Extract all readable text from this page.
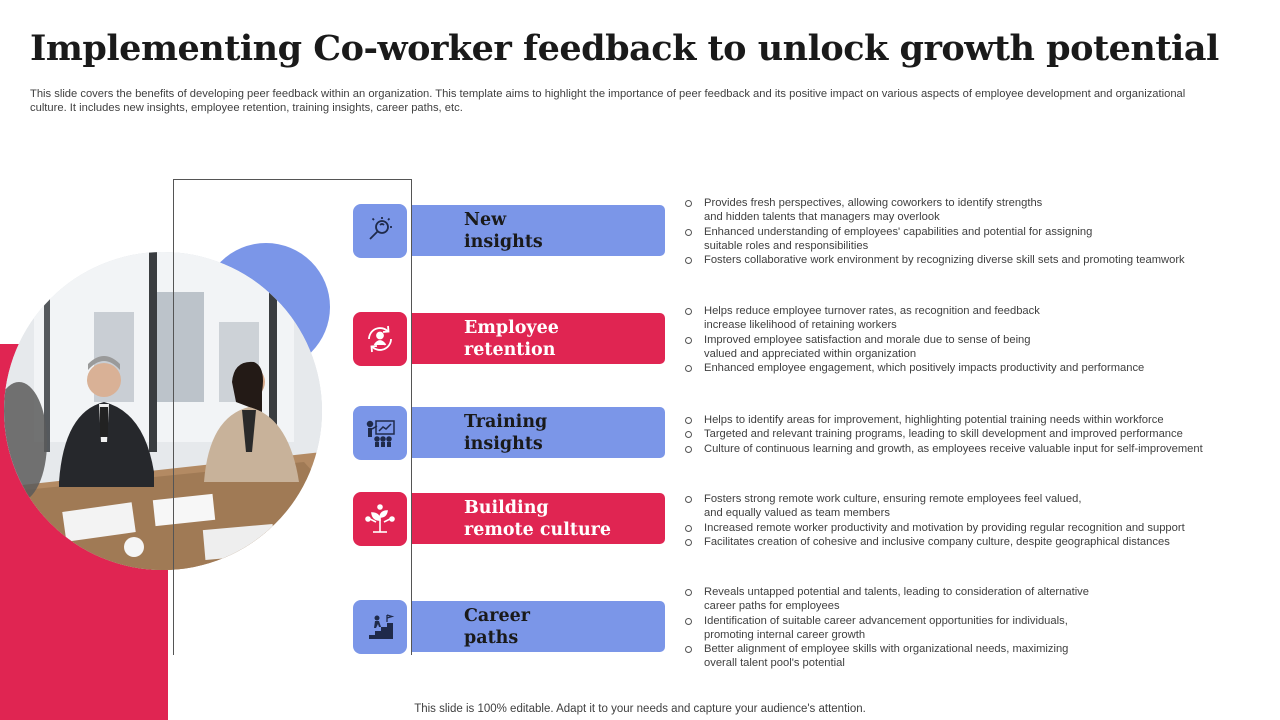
Implementing Co-worker feedback to unlock growth potential

This slide covers the benefits of developing peer feedback within an organization. This template aims to highlight the importance of peer feedback and its positive impact on various aspects of employee development and organizational culture. It includes new insights, employee retention, training insights, career paths, etc.

New
insights

Provides fresh perspectives, allowing coworkers to identify strengths
and hidden talents that managers may overlook
Enhanced understanding of employees' capabilities and potential for assigning
suitable roles and responsibilities
Fosters collaborative work environment by recognizing diverse skill sets and promoting teamwork

Employee
retention

Helps reduce employee turnover rates, as recognition and feedback
increase likelihood of retaining workers
Improved employee satisfaction and morale due to sense of being
valued and appreciated within organization
Enhanced employee engagement, which positively impacts productivity and performance

Training
insights

Helps to identify areas for improvement, highlighting potential training needs within workforce
Targeted and relevant training programs, leading to skill development and improved performance
Culture of continuous learning and growth, as employees receive valuable input for self-improvement

Building
remote culture

Fosters strong remote work culture, ensuring remote employees feel valued,
and equally valued as team members
Increased remote worker productivity and motivation by providing regular recognition and support
Facilitates creation of cohesive and inclusive company culture, despite geographical distances

Career
paths

Reveals untapped potential and talents, leading to consideration of alternative
career paths for employees
Identification of suitable career advancement opportunities for individuals,
promoting internal career growth
Better alignment of employee skills with organizational needs, maximizing
overall talent pool's potential

This slide is 100% editable. Adapt it to your needs and capture your audience's attention.
